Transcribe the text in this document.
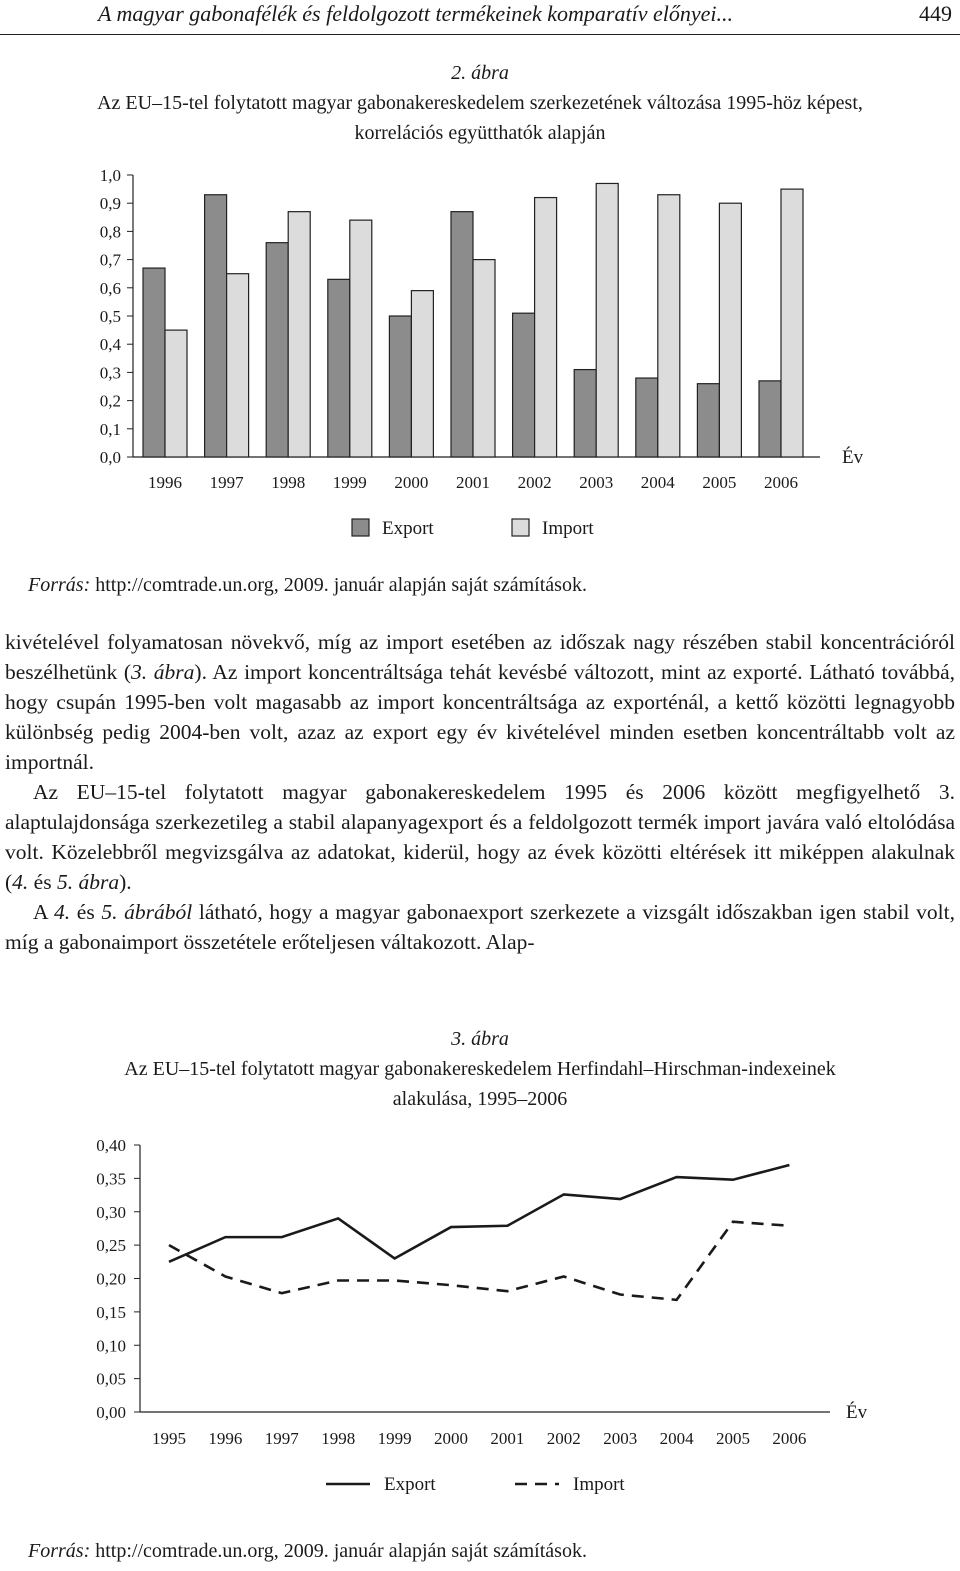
A magyar gabonafélék és feldolgozott termékeinek komparatív előnyei...	449
2. ábra
Az EU–15-tel folytatott magyar gabonakereskedelem szerkezetének változása 1995-höz képest,
korrelációs együtthatók alapján
0,0
0,1
0,2
0,3
0,4
0,5
0,6
0,7
0,8
0,9
1,0
1996 1997 1998 1999 2000 2001 2002 2003 2004 2005 2006
Év
Export	Import
Forrás: http://comtrade.un.org, 2009. január alapján saját számítások.

kivételével folyamatosan növekvő, míg az import esetében az időszak nagy részében stabil koncentrációról beszélhetünk (3. ábra). Az import koncentráltsága tehát kevésbé változott, mint az exporté. Látható továbbá, hogy csupán 1995-ben volt magasabb az import koncentráltsága az exporténál, a kettő közötti legnagyobb különbség pedig 2004-ben volt, azaz az export egy év kivételével minden esetben koncentráltabb volt az importnál.

Az EU–15-tel folytatott magyar gabonakereskedelem 1995 és 2006 között megfigyelhető 3. alaptulajdonsága szerkezetileg a stabil alapanyagexport és a feldolgozott termék import javára való eltolódása volt. Közelebbről megvizsgálva az adatokat, kiderül, hogy az évek közötti eltérések itt miképpen alakulnak (4. és 5. ábra).

A 4. és 5. ábrából látható, hogy a magyar gabonaexport szerkezete a vizsgált időszakban igen stabil volt, míg a gabonaimport összetétele erőteljesen váltakozott. Alap-

3. ábra
Az EU–15-tel folytatott magyar gabonakereskedelem Herfindahl–Hirschman-indexeinek
alakulása, 1995–2006
0,00
0,05
0,10
0,15
0,20
0,25
0,30
0,35
0,40
1995 1996 1997 1998 1999 2000 2001 2002 2003 2004 2005 2006
Év
Export	Import
Forrás: http://comtrade.un.org, 2009. január alapján saját számítások.
